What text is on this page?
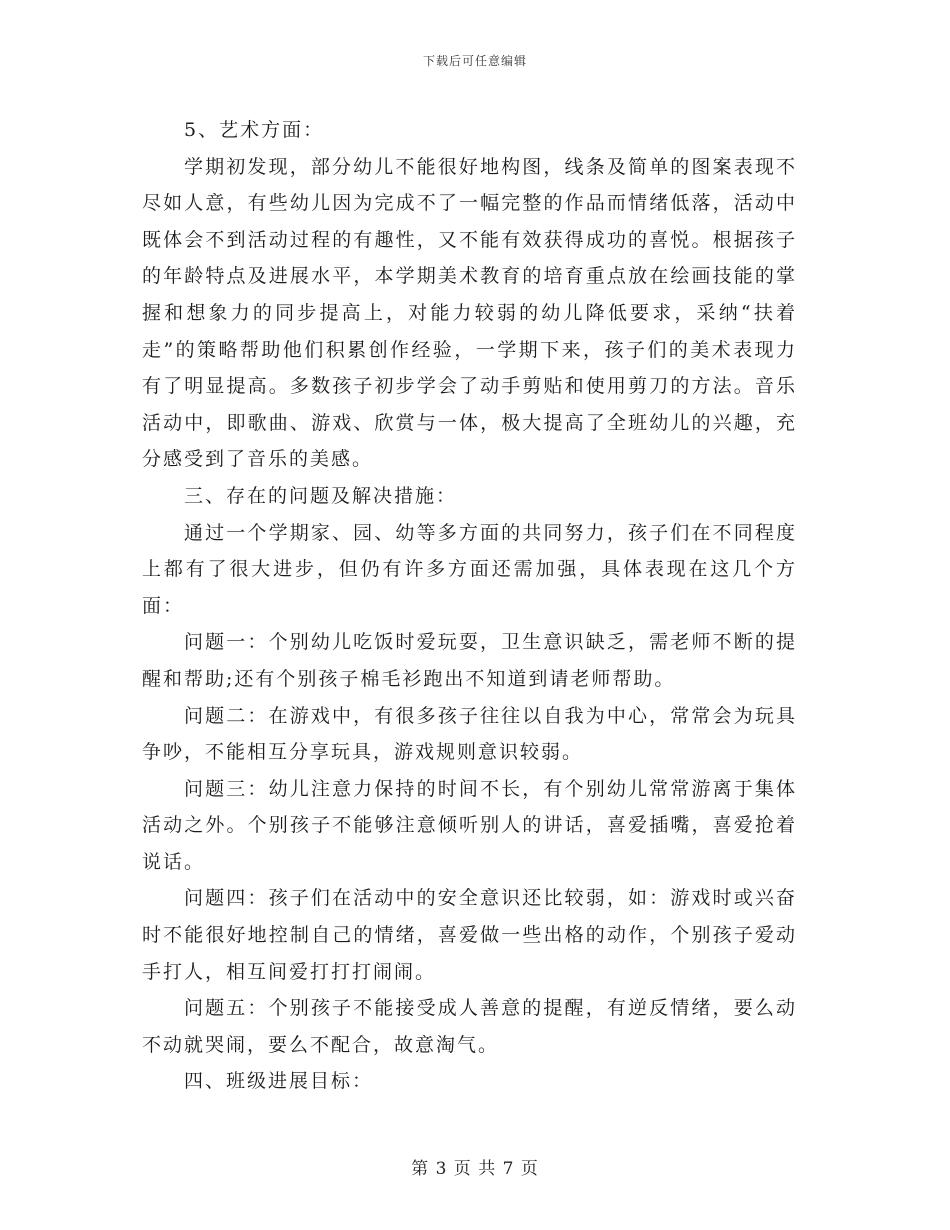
下载后可任意编辑

5、艺术方面：

学期初发现，部分幼儿不能很好地构图，线条及简单的图案表现不尽如人意，有些幼儿因为完成不了一幅完整的作品而情绪低落，活动中既体会不到活动过程的有趣性，又不能有效获得成功的喜悦。根据孩子的年龄特点及进展水平，本学期美术教育的培育重点放在绘画技能的掌握和想象力的同步提高上，对能力较弱的幼儿降低要求，采纳“扶着走”的策略帮助他们积累创作经验，一学期下来，孩子们的美术表现力有了明显提高。多数孩子初步学会了动手剪贴和使用剪刀的方法。音乐活动中，即歌曲、游戏、欣赏与一体，极大提高了全班幼儿的兴趣，充分感受到了音乐的美感。

三、存在的问题及解决措施：

通过一个学期家、园、幼等多方面的共同努力，孩子们在不同程度上都有了很大进步，但仍有许多方面还需加强，具体表现在这几个方面：

问题一：个别幼儿吃饭时爱玩耍，卫生意识缺乏，需老师不断的提醒和帮助;还有个别孩子棉毛衫跑出不知道到请老师帮助。

问题二：在游戏中，有很多孩子往往以自我为中心，常常会为玩具争吵，不能相互分享玩具，游戏规则意识较弱。

问题三：幼儿注意力保持的时间不长，有个别幼儿常常游离于集体活动之外。个别孩子不能够注意倾听别人的讲话，喜爱插嘴，喜爱抢着说话。

问题四：孩子们在活动中的安全意识还比较弱，如：游戏时或兴奋时不能很好地控制自己的情绪，喜爱做一些出格的动作，个别孩子爱动手打人，相互间爱打打打闹闹。

问题五：个别孩子不能接受成人善意的提醒，有逆反情绪，要么动不动就哭闹，要么不配合，故意淘气。

四、班级进展目标：

第 3 页 共 7 页
